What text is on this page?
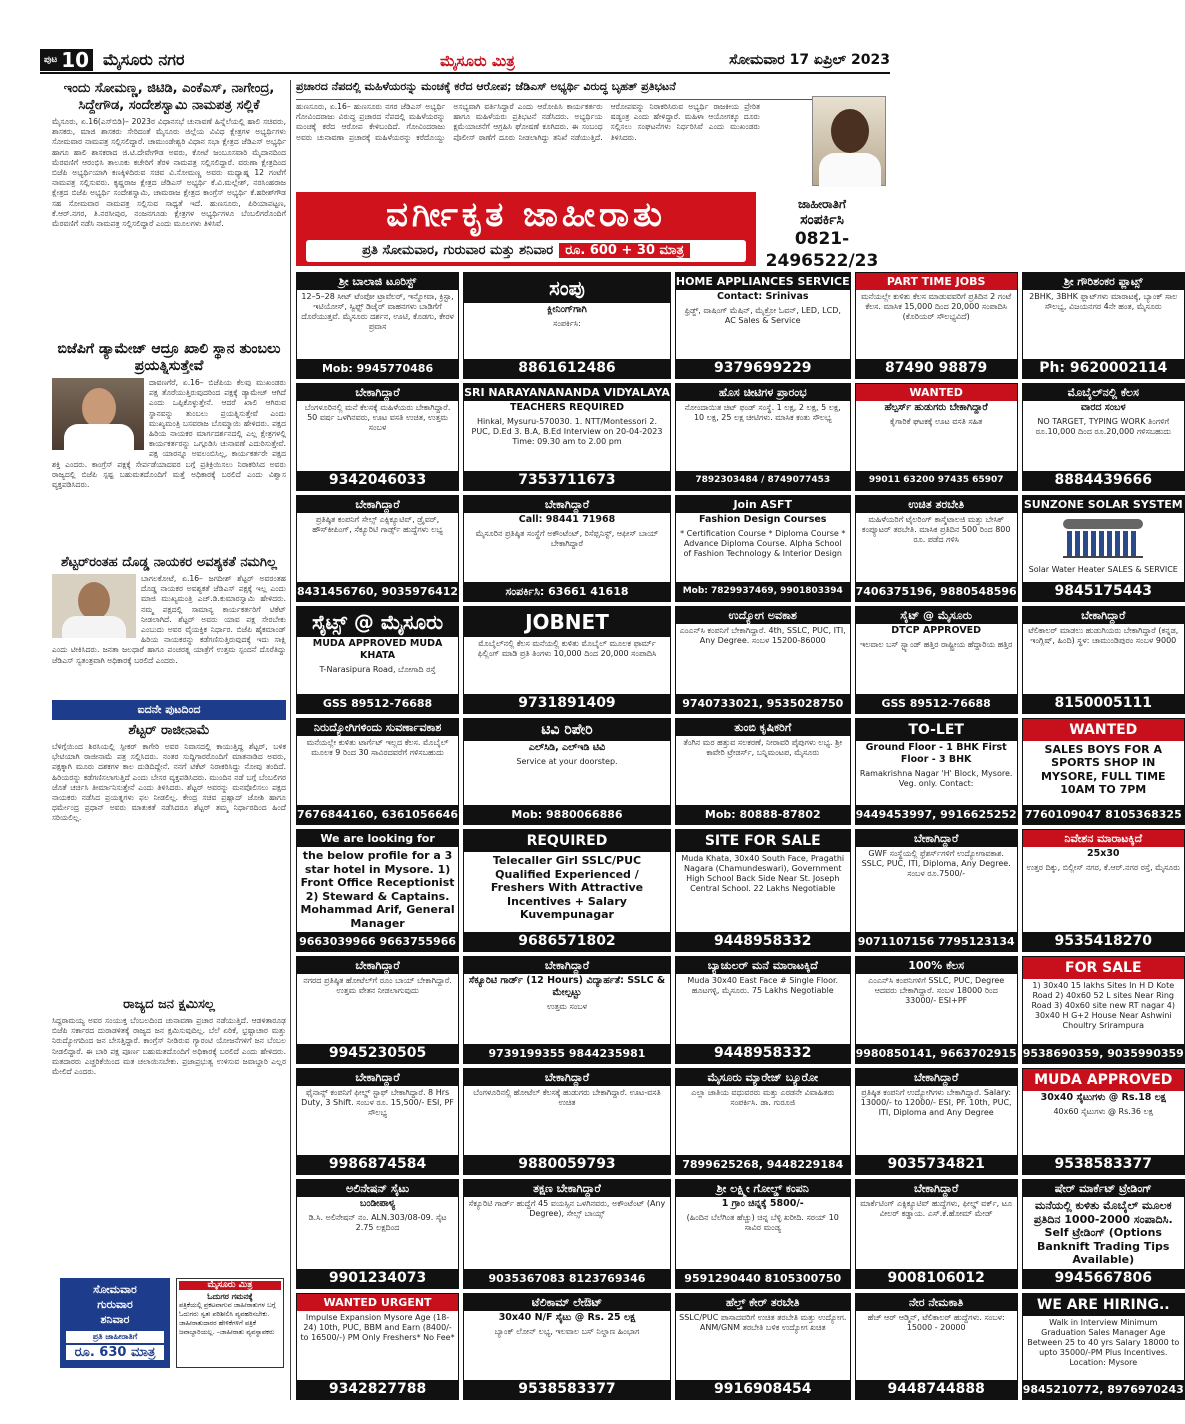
ಪುಟ 10 ಮೈಸೂರು ನಗರ	ಮೈಸೂರು ಮಿತ್ರ	ಸೋಮವಾರ 17 ಏಪ್ರಿಲ್ 2023
ಇಂದು ಸೋಮಣ್ಣ, ಜಿಟಿಡಿ, ಎಂಕೆಎಸ್, ನಾಗೇಂದ್ರ, ಸಿದ್ದೇಗೌಡ, ಸಂದೇಶಸ್ವಾಮಿ ನಾಮಪತ್ರ ಸಲ್ಲಿಕೆ
ಮೈಸೂರು, ಏ.16(ಎಸ್‍ಬಿಡಿ)– 2023ರ ವಿಧಾನಸಭೆ ಚುನಾವಣೆ ಹಿನ್ನೆಲೆಯಲ್ಲಿ ಹಾಲಿ ಸಚಿವರು, ಶಾಸಕರು, ಮಾಜಿ ಶಾಸಕರು ಸೇರಿದಂತೆ ಮೈಸೂರು ಜಿಲ್ಲೆಯ ವಿವಿಧ ಕ್ಷೇತ್ರಗಳ ಅಭ್ಯರ್ಥಿಗಳು ಸೋಮವಾರ ನಾಮಪತ್ರ ಸಲ್ಲಿಸಲಿದ್ದಾರೆ. ಚಾಮುಂಡೇಶ್ವರಿ ವಿಧಾನ ಸಭಾ ಕ್ಷೇತ್ರದ ಜೆಡಿಎಸ್ ಅಭ್ಯರ್ಥಿ ಹಾಗೂ ಹಾಲಿ ಶಾಸಕರಾದ ಜಿ.ಟಿ.ದೇವೇಗೌಡ ಅವರು, ಕೋಟೆ ಜಂಬೂಸವಾರಿ ಮೈದಾನದಿಂದ ಮೆರವಣಿಗೆ ಆರಂಭಿಸಿ ತಾಲೂಕು ಕಚೇರಿಗೆ ತೆರಳಿ ನಾಮಪತ್ರ ಸಲ್ಲಿಸಲಿದ್ದಾರೆ. ವರುಣಾ ಕ್ಷೇತ್ರದಿಂದ ಬಿಜೆಪಿ ಅಭ್ಯರ್ಥಿಯಾಗಿ ಕಣಕ್ಕಿಳಿದಿರುವ ಸಚಿವ ವಿ.ಸೋಮಣ್ಣ ಅವರು ಮಧ್ಯಾಹ್ನ 12 ಗಂಟೆಗೆ ನಾಮಪತ್ರ ಸಲ್ಲಿಸುವರು. ಕೃಷ್ಣರಾಜ ಕ್ಷೇತ್ರದ ಜೆಡಿಎಸ್ ಅಭ್ಯರ್ಥಿ ಕೆ.ವಿ.ಮಲ್ಲೇಶ್, ನರಸಿಂಹರಾಜ ಕ್ಷೇತ್ರದ ಬಿಜೆಪಿ ಅಭ್ಯರ್ಥಿ ಸಂದೇಶಸ್ವಾಮಿ, ಚಾಮರಾಜ ಕ್ಷೇತ್ರದ ಕಾಂಗ್ರೆಸ್ ಅಭ್ಯರ್ಥಿ ಕೆ.ಹರೀಶ್‍ಗೌಡ ಸಹ ಸೋಮವಾರ ನಾಮಪತ್ರ ಸಲ್ಲಿಸುವ ಸಾಧ್ಯತೆ ಇದೆ. ಹುಣಸೂರು, ಪಿರಿಯಾಪಟ್ಟಣ, ಕೆ.ಆರ್.ನಗರ, ತಿ.ನರಸೀಪುರ, ನಂಜನಗೂಡು ಕ್ಷೇತ್ರಗಳ ಅಭ್ಯರ್ಥಿಗಳೂ ಬೆಂಬಲಿಗರೊಂದಿಗೆ ಮೆರವಣಿಗೆ ನಡೆಸಿ ನಾಮಪತ್ರ ಸಲ್ಲಿಸಲಿದ್ದಾರೆ ಎಂದು ಮೂಲಗಳು ತಿಳಿಸಿವೆ.
ಬಿಜೆಪಿಗೆ ಡ್ಯಾಮೇಜ್ ಆದ್ರೂ ಖಾಲಿ ಸ್ಥಾನ ತುಂಬಲು ಪ್ರಯತ್ನಿಸುತ್ತೇವೆ
ದಾವಣಗೆರೆ, ಏ.16– ಬಿಜೆಪಿಯ ಕೆಲವು ಮುಖಂಡರು ಪಕ್ಷ ತೊರೆಯುತ್ತಿರುವುದರಿಂದ ಪಕ್ಷಕ್ಕೆ ಡ್ಯಾಮೇಜ್ ಆಗಿದೆ ಎಂದು ಒಪ್ಪಿಕೊಳ್ಳುತ್ತೇನೆ. ಆದರೆ ಖಾಲಿ ಆಗಿರುವ ಸ್ಥಾನವನ್ನು ತುಂಬಲು ಪ್ರಯತ್ನಿಸುತ್ತೇವೆ ಎಂದು ಮುಖ್ಯಮಂತ್ರಿ ಬಸವರಾಜ ಬೊಮ್ಮಾಯಿ ಹೇಳಿದರು. ಪಕ್ಷದ ಹಿರಿಯ ನಾಯಕರ ಮಾರ್ಗದರ್ಶನದಲ್ಲಿ ಎಲ್ಲ ಕ್ಷೇತ್ರಗಳಲ್ಲಿ ಕಾರ್ಯಕರ್ತರನ್ನು ಒಗ್ಗೂಡಿಸಿ ಚುನಾವಣೆ ಎದುರಿಸುತ್ತೇವೆ. ಪಕ್ಷ ಯಾರನ್ನೂ ಅವಲಂಬಿಸಿಲ್ಲ, ಕಾರ್ಯಕರ್ತರೇ ಪಕ್ಷದ ಶಕ್ತಿ ಎಂದರು. ಕಾಂಗ್ರೆಸ್ ಪಕ್ಷಕ್ಕೆ ಸೇರ್ಪಡೆಯಾದವರ ಬಗ್ಗೆ ಪ್ರತಿಕ್ರಿಯಿಸಲು ನಿರಾಕರಿಸಿದ ಅವರು ರಾಜ್ಯದಲ್ಲಿ ಬಿಜೆಪಿ ಸ್ಪಷ್ಟ ಬಹುಮತದೊಂದಿಗೆ ಮತ್ತೆ ಅಧಿಕಾರಕ್ಕೆ ಬರಲಿದೆ ಎಂದು ವಿಶ್ವಾಸ ವ್ಯಕ್ತಪಡಿಸಿದರು.
ಶೆಟ್ಟರ್‌ರಂತಹ ದೊಡ್ಡ ನಾಯಕರ ಅವಶ್ಯಕತೆ ನಮಗಿಲ್ಲ
ಬಾಗಲಕೋಟೆ, ಏ.16– ಜಗದೀಶ್ ಶೆಟ್ಟರ್ ಅವರಂತಹ ದೊಡ್ಡ ನಾಯಕರ ಅವಶ್ಯಕತೆ ಜೆಡಿಎಸ್ ಪಕ್ಷಕ್ಕೆ ಇಲ್ಲ ಎಂದು ಮಾಜಿ ಮುಖ್ಯಮಂತ್ರಿ ಎಚ್.ಡಿ.ಕುಮಾರಸ್ವಾಮಿ ಹೇಳಿದರು. ನಮ್ಮ ಪಕ್ಷದಲ್ಲಿ ಸಾಮಾನ್ಯ ಕಾರ್ಯಕರ್ತರಿಗೆ ಟಿಕೆಟ್ ನೀಡಲಾಗಿದೆ. ಶೆಟ್ಟರ್ ಅವರು ಯಾವ ಪಕ್ಷ ಸೇರಬೇಕು ಎಂಬುದು ಅವರ ವೈಯಕ್ತಿಕ ನಿರ್ಧಾರ. ಬಿಜೆಪಿ ಹೈಕಮಾಂಡ್ ಹಿರಿಯ ನಾಯಕರನ್ನು ಕಡೆಗಣಿಸುತ್ತಿರುವುದಕ್ಕೆ ಇದು ಸಾಕ್ಷಿ ಎಂದು ಟೀಕಿಸಿದರು. ಜನತಾ ಜಲಧಾರೆ ಹಾಗೂ ಪಂಚರತ್ನ ಯಾತ್ರೆಗೆ ಉತ್ತಮ ಸ್ಪಂದನೆ ದೊರೆತಿದ್ದು ಜೆಡಿಎಸ್ ಸ್ವತಂತ್ರವಾಗಿ ಅಧಿಕಾರಕ್ಕೆ ಬರಲಿದೆ ಎಂದರು.
ಐದನೇ ಪುಟದಿಂದ
ಶೆಟ್ಟರ್ ರಾಜೀನಾಮೆ
ಬೆಳಿಗ್ಗೆಯಿಂದ ಶಿರಸಿಯಲ್ಲಿ ಸ್ಪೀಕರ್ ಕಾಗೇರಿ ಅವರ ನಿವಾಸದಲ್ಲಿ ಕಾಯುತ್ತಿದ್ದ ಶೆಟ್ಟರ್, ಬಳಿಕ ಭೇಟಿಯಾಗಿ ರಾಜೀನಾಮೆ ಪತ್ರ ಸಲ್ಲಿಸಿದರು. ನಂತರ ಸುದ್ದಿಗಾರರೊಂದಿಗೆ ಮಾತನಾಡಿದ ಅವರು, ಪಕ್ಷಕ್ಕಾಗಿ ಮೂರು ದಶಕಗಳ ಕಾಲ ದುಡಿದಿದ್ದೇನೆ. ನನಗೆ ಟಿಕೆಟ್ ನಿರಾಕರಿಸಿದ್ದು ನೋವು ತಂದಿದೆ. ಹಿರಿಯರನ್ನು ಕಡೆಗಣಿಸಲಾಗುತ್ತಿದೆ ಎಂದು ಬೇಸರ ವ್ಯಕ್ತಪಡಿಸಿದರು. ಮುಂದಿನ ನಡೆ ಬಗ್ಗೆ ಬೆಂಬಲಿಗರ ಜೊತೆ ಚರ್ಚಿಸಿ ತೀರ್ಮಾನಿಸುತ್ತೇನೆ ಎಂದು ತಿಳಿಸಿದರು. ಶೆಟ್ಟರ್ ಅವರನ್ನು ಮನವೊಲಿಸಲು ಪಕ್ಷದ ನಾಯಕರು ನಡೆಸಿದ ಪ್ರಯತ್ನಗಳು ಫಲ ನೀಡಲಿಲ್ಲ. ಕೇಂದ್ರ ಸಚಿವ ಪ್ರಹ್ಲಾದ್ ಜೋಶಿ ಹಾಗೂ ಧರ್ಮೇಂದ್ರ ಪ್ರಧಾನ್ ಅವರು ಮಾತುಕತೆ ನಡೆಸಿದರೂ ಶೆಟ್ಟರ್ ತಮ್ಮ ನಿರ್ಧಾರದಿಂದ ಹಿಂದೆ ಸರಿಯಲಿಲ್ಲ.
ರಾಜ್ಯದ ಜನ ಕ್ಷಮಿಸಲ್ಲ
ಸಿದ್ದರಾಮಯ್ಯ ಅವರ ಸಂಯುಕ್ತ ಬೆಂಬಲದಿಂದ ಚುನಾವಣಾ ಪ್ರಚಾರ ನಡೆಯುತ್ತಿದೆ. ಆಡಳಿತಾರೂಢ ಬಿಜೆಪಿ ಸರ್ಕಾರದ ದುರಾಡಳಿತಕ್ಕೆ ರಾಜ್ಯದ ಜನ ಕ್ಷಮಿಸುವುದಿಲ್ಲ. ಬೆಲೆ ಏರಿಕೆ, ಭ್ರಷ್ಟಾಚಾರ ಮತ್ತು ನಿರುದ್ಯೋಗದಿಂದ ಜನ ಬೇಸತ್ತಿದ್ದಾರೆ. ಕಾಂಗ್ರೆಸ್ ನೀಡಿರುವ ಗ್ಯಾರಂಟಿ ಯೋಜನೆಗಳಿಗೆ ಜನ ಬೆಂಬಲ ನೀಡಲಿದ್ದಾರೆ. ಈ ಬಾರಿ ಪಕ್ಷ ಪೂರ್ಣ ಬಹುಮತದೊಂದಿಗೆ ಅಧಿಕಾರಕ್ಕೆ ಬರಲಿದೆ ಎಂದು ಹೇಳಿದರು. ಮತದಾರರು ಎಚ್ಚರಿಕೆಯಿಂದ ಮತ ಚಲಾಯಿಸಬೇಕು. ಪ್ರಜಾಪ್ರಭುತ್ವ ಉಳಿಸುವ ಜವಾಬ್ದಾರಿ ಎಲ್ಲರ ಮೇಲಿದೆ ಎಂದರು.
ಸೋಮವಾರ
ಗುರುವಾರ
ಶನಿವಾರ
ಪ್ರತಿ ಜಾಹೀರಾತಿಗೆ
ರೂ. 630 ಮಾತ್ರ
ಮೈಸೂರು ಮಿತ್ರ
ಓದುಗರ ಗಮನಕ್ಕೆ
ಪತ್ರಿಕೆಯಲ್ಲಿ ಪ್ರಕಟವಾಗುವ ಜಾಹೀರಾತುಗಳ ಬಗ್ಗೆ ಓದುಗರು ಸ್ವತಃ ಪರಿಶೀಲಿಸಿ ವ್ಯವಹರಿಸಬೇಕು. ಜಾಹೀರಾತುದಾರರ ಹೇಳಿಕೆಗಳಿಗೆ ಪತ್ರಿಕೆ ಜವಾಬ್ದಾರಿಯಲ್ಲ. –ಜಾಹೀರಾತು ವ್ಯವಸ್ಥಾಪಕರು
ಪ್ರಚಾರದ ನೆಪದಲ್ಲಿ ಮಹಿಳೆಯರನ್ನು ಮಂಚಕ್ಕೆ ಕರೆದ ಆರೋಪ; ಜೆಡಿಎಸ್ ಅಭ್ಯರ್ಥಿ ವಿರುದ್ಧ ಬೃಹತ್ ಪ್ರತಿಭಟನೆ
ಹುಣಸೂರು, ಏ.16– ಹುಣಸೂರು ನಗರ ಜೆಡಿಎಸ್ ಅಭ್ಯರ್ಥಿ ಗೋವಿಂದರಾಜು ವಿರುದ್ಧ ಪ್ರಚಾರದ ನೆಪದಲ್ಲಿ ಮಹಿಳೆಯರನ್ನು ಮಂಚಕ್ಕೆ ಕರೆದ ಆರೋಪ ಕೇಳಿಬಂದಿದೆ. ಗೋವಿಂದರಾಜು ಅವರು ಚುನಾವಣಾ ಪ್ರಚಾರಕ್ಕೆ ಮಹಿಳೆಯರನ್ನು ಕರೆದೊಯ್ದು ಅಸಭ್ಯವಾಗಿ ವರ್ತಿಸಿದ್ದಾರೆ ಎಂದು ಆರೋಪಿಸಿ ಕಾರ್ಯಕರ್ತರು ಹಾಗೂ ಮಹಿಳೆಯರು ಪ್ರತಿಭಟನೆ ನಡೆಸಿದರು. ಅಭ್ಯರ್ಥಿಯ ಕ್ಷಮೆಯಾಚನೆಗೆ ಆಗ್ರಹಿಸಿ ಘೋಷಣೆ ಕೂಗಿದರು. ಈ ಸಂಬಂಧ ಪೊಲೀಸ್ ಠಾಣೆಗೆ ದೂರು ನೀಡಲಾಗಿದ್ದು ತನಿಖೆ ನಡೆಯುತ್ತಿದೆ. ಆರೋಪವನ್ನು ನಿರಾಕರಿಸಿರುವ ಅಭ್ಯರ್ಥಿ ರಾಜಕೀಯ ಪ್ರೇರಿತ ಷಡ್ಯಂತ್ರ ಎಂದು ಹೇಳಿದ್ದಾರೆ. ಮಹಿಳಾ ಆಯೋಗಕ್ಕೂ ದೂರು ಸಲ್ಲಿಸಲು ಸಂಘಟನೆಗಳು ನಿರ್ಧರಿಸಿವೆ ಎಂದು ಮುಖಂಡರು ತಿಳಿಸಿದರು.
ವರ್ಗೀಕೃತ ಜಾಹೀರಾತು
ಪ್ರತಿ ಸೋಮವಾರ, ಗುರುವಾರ ಮತ್ತು ಶನಿವಾರ ರೂ. 600 + 30 ಮಾತ್ರ
ಜಾಹೀರಾತಿಗೆ
ಸಂಪರ್ಕಿಸಿ
0821-2496522/23
ಶ್ರೀ ಬಾಲಾಜಿ ಟೂರಿಸ್ಟ್
12–5–28 ಸೀಟ್ ಟೆಂಪೋ ಟ್ರಾವೆಲರ್, ಇನ್ನೋವಾ, ಕ್ರಿಸ್ಟಾ, ಇಟಿಯೋಸ್, ಸ್ವಿಫ್ಟ್ ಡಿಜೈರ್ ವಾಹನಗಳು ಬಾಡಿಗೆಗೆ ದೊರೆಯುತ್ತವೆ. ಮೈಸೂರು ದರ್ಶನ, ಊಟಿ, ಕೊಡಗು, ಕೇರಳ ಪ್ರವಾಸ
Mob: 9945770486
ಸಂಪು
ಕ್ಲೀನಿಂಗ್‌ಗಾಗಿ
ಸಂಪರ್ಕಿಸಿ:
8861612486
HOME APPLIANCES SERVICE
Contact: Srinivas
ಫ್ರಿಡ್ಜ್, ವಾಷಿಂಗ್ ಮೆಷಿನ್, ಮೈಕ್ರೋ ಓವನ್, LED, LCD, AC Sales & Service
9379699229
PART TIME JOBS
ಮನೆಯಲ್ಲೇ ಕುಳಿತು ಕೆಲಸ ಮಾಡುವವರಿಗೆ ಪ್ರತಿದಿನ 2 ಗಂಟೆ ಕೆಲಸ. ಮಾಸಿಕ 15,000 ದಿಂದ 20,000 ಸಂಪಾದಿಸಿ (ಕೊರಿಯರ್ ಸೌಲಭ್ಯವಿದೆ)
87490 98879
ಶ್ರೀ ಗೌರಿಶಂಕರ ಫ್ಲಾಟ್ಸ್
2BHK, 3BHK ಫ್ಲಾಟ್‌ಗಳು ಮಾರಾಟಕ್ಕೆ, ಬ್ಯಾಂಕ್ ಸಾಲ ಸೌಲಭ್ಯ, ವಿಜಯನಗರ 4ನೇ ಹಂತ, ಮೈಸೂರು
Ph: 9620002114
ಬೇಕಾಗಿದ್ದಾರೆ
ಬೆಂಗಳೂರಿನಲ್ಲಿ ಮನೆ ಕೆಲಸಕ್ಕೆ ಮಹಿಳೆಯರು ಬೇಕಾಗಿದ್ದಾರೆ. 50 ವರ್ಷ ಒಳಗಿನವರು, ಊಟ ವಸತಿ ಉಚಿತ, ಉತ್ತಮ ಸಂಬಳ
9342046033
SRI NARAYANANANDA VIDYALAYA
TEACHERS REQUIRED
Hinkal, Mysuru-570030. 1. NTT/Montessori 2. PUC, D.Ed 3. B.A, B.Ed Interview on 20-04-2023 Time: 09.30 am to 2.00 pm
7353711673
ಹೊಸ ಚೀಟಿಗಳ ಪ್ರಾರಂಭ
ನೋಂದಾಯಿತ ಚಿಟ್ ಫಂಡ್ ಸಂಸ್ಥೆ. 1 ಲಕ್ಷ, 2 ಲಕ್ಷ, 5 ಲಕ್ಷ, 10 ಲಕ್ಷ, 25 ಲಕ್ಷ ಚೀಟಿಗಳು. ಮಾಸಿಕ ಕಂತು ಸೌಲಭ್ಯ
7892303484 / 8749077453
WANTED
ಹೆಲ್ಪರ್ಸ್ ಹುಡುಗರು ಬೇಕಾಗಿದ್ದಾರೆ
ಕೈಗಾರಿಕೆ ಘಟಕಕ್ಕೆ ಊಟ ವಸತಿ ಸಹಿತ
99011 63200 97435 65907
ಮೊಬೈಲ್‌ನಲ್ಲಿ ಕೆಲಸ
ವಾರದ ಸಂಬಳ
NO TARGET, TYPING WORK ತಿಂಗಳಿಗೆ ರೂ.10,000 ದಿಂದ ರೂ.20,000 ಗಳಿಸಬಹುದು
8884439666
ಬೇಕಾಗಿದ್ದಾರೆ
ಪ್ರತಿಷ್ಠಿತ ಕಂಪನಿಗೆ ಸೇಲ್ಸ್ ಎಕ್ಸಿಕ್ಯೂಟಿವ್, ಡ್ರೈವರ್, ಹೌಸ್‌ಕೀಪಿಂಗ್, ಸೆಕ್ಯೂರಿಟಿ ಗಾರ್ಡ್ಸ್ ಹುದ್ದೆಗಳು ಲಭ್ಯ
8431456760, 9035976412
ಬೇಕಾಗಿದ್ದಾರೆ
Call: 98441 71968
ಮೈಸೂರಿನ ಪ್ರತಿಷ್ಠಿತ ಸಂಸ್ಥೆಗೆ ಅಕೌಂಟೆಂಟ್, ರಿಸೆಪ್ಷನಿಸ್ಟ್, ಆಫೀಸ್ ಬಾಯ್ ಬೇಕಾಗಿದ್ದಾರೆ
ಸಂಪರ್ಕಿಸಿ: 63661 41618
Join ASFT
Fashion Design Courses
* Certification Course * Diploma Course * Advance Diploma Course. Alpha School of Fashion Technology & Interior Design
Mob: 7829937469, 9901803394
ಉಚಿತ ತರಬೇತಿ
ಮಹಿಳೆಯರಿಗೆ ಟೈಲರಿಂಗ್ ಕಾಸ್ಮೆಟಾಲಜಿ ಮತ್ತು ಬೇಸಿಕ್ ಕಂಪ್ಯೂಟರ್ ತರಬೇತಿ. ಮಾಸಿಕ ಪ್ರತಿದಿನ 500 ರಿಂದ 800 ರೂ. ಪಡೆದ ಗಳಿಸಿ
7406375196, 9880548596
SUNZONE SOLAR SYSTEM
Solar Water Heater SALES & SERVICE
9845175443
ಸೈಟ್ಸ್ @ ಮೈಸೂರು
MUDA APPROVED MUDA KHATA
T-Narasipura Road, ಬೋಗಾದಿ ರಸ್ತೆ
GSS 89512-76688
JOBNET
ಮೊಬೈಲ್‌ನಲ್ಲಿ ಕೆಲಸ ಮನೆಯಲ್ಲಿ ಕುಳಿತು ಮೊಬೈಲ್ ಮೂಲಕ ಫಾರ್ಮ್ ಫಿಲ್ಲಿಂಗ್ ಮಾಡಿ ಪ್ರತಿ ತಿಂಗಳು 10,000 ದಿಂದ 20,000 ಸಂಪಾದಿಸಿ
9731891409
ಉದ್ಯೋಗ ಅವಕಾಶ
ಎಂಎನ್‌ಸಿ ಕಂಪನಿಗೆ ಬೇಕಾಗಿದ್ದಾರೆ. 4th, SSLC, PUC, ITI, Any Degree. ಸಂಬಳ 15200-86000
9740733021, 9535028750
ಸೈಟ್ @ ಮೈಸೂರು
DTCP APPROVED
ಇಲವಾಲ ಬಸ್ ಸ್ಟ್ಯಾಂಡ್ ಹತ್ತಿರ ರಾಷ್ಟ್ರೀಯ ಹೆದ್ದಾರಿಯ ಹತ್ತಿರ
GSS 89512-76688
ಬೇಕಾಗಿದ್ದಾರೆ
ಟೆಲಿಕಾಲರ್ ಮಾಡಲು ಹುಡುಗಿಯರು ಬೇಕಾಗಿದ್ದಾರೆ (ಕನ್ನಡ, ಇಂಗ್ಲಿಷ್, ಹಿಂದಿ) ಸ್ಥಳ: ಚಾಮುಂಡಿಪುರಂ ಸಂಬಳ 9000
8150005111
ನಿರುದ್ಯೋಗಿಗಳಿಂದು ಸುವರ್ಣಾವಕಾಶ
ಮನೆಯಲ್ಲೇ ಕುಳಿತು ಟಾರ್ಗೆಟ್ ಇಲ್ಲದ ಕೆಲಸ. ಮೊಬೈಲ್ ಮೂಲಕ 9 ರಿಂದ 30 ಸಾವಿರದವರೆಗೆ ಗಳಿಸಬಹುದು
7676844160, 6361056646
ಟಿವಿ ರಿಪೇರಿ
ಎಲ್‌ಸಿಡಿ, ಎಲ್‌ಇಡಿ ಟಿವಿ
Service at your doorstep.
Mob: 9880066886
ತುಂಬಿ ಕೃಷಿಕರಿಗೆ
ತೆಂಗಿನ ಮರ ಹತ್ತುವ ಸಲಕರಣೆ, ನೀರಾವರಿ ಪೈಪುಗಳು ಲಭ್ಯ. ಶ್ರೀ ಕಾವೇರಿ ಟ್ರೇಡರ್ಸ್, ಬನ್ನಿಮಂಟಪ, ಮೈಸೂರು
Mob: 80888-87802
TO-LET
Ground Floor - 1 BHK First Floor - 3 BHK
Ramakrishna Nagar 'H' Block, Mysore. Veg. only. Contact:
9449453997, 9916625252
WANTED
SALES BOYS FOR A SPORTS SHOP IN MYSORE, FULL TIME 10AM TO 7PM
7760109047 8105368325
We are looking for
the below profile for a 3 star hotel in Mysore. 1) Front Office Receptionist 2) Steward & Captains. Mohammad Arif, General Manager
9663039966 9663755966
REQUIRED
Telecaller Girl SSLC/PUC Qualified Experienced / Freshers With Attractive Incentives + Salary Kuvempunagar
9686571802
SITE FOR SALE
Muda Khata, 30x40 South Face, Pragathi Nagara (Chamundeswari), Government High School Back Side Near St. Joseph Central School. 22 Lakhs Negotiable
9448958332
ಬೇಕಾಗಿದ್ದಾರೆ
GWF ಸಂಸ್ಥೆಯಲ್ಲಿ ಫ್ರೆಶರ್ಸ್‌ಗಳಿಗೆ ಉದ್ಯೋಗಾವಕಾಶ. SSLC, PUC, ITI, Diploma, Any Degree. ಸಂಬಳ ರೂ.7500/-
9071107156 7795123134
ನಿವೇಶನ ಮಾರಾಟಕ್ಕಿದೆ
25x30
ಉತ್ತರ ದಿಕ್ಕು, ಬಿಲ್ಲೀಸ್ ನಗರ, ಕೆ.ಆರ್.ನಗರ ರಸ್ತೆ, ಮೈಸೂರು
9535418270
ಬೇಕಾಗಿದ್ದಾರೆ
ನಗರದ ಪ್ರತಿಷ್ಠಿತ ಹೋಟೆಲ್‌ಗೆ ರೂಂ ಬಾಯ್ ಬೇಕಾಗಿದ್ದಾರೆ. ಉತ್ತಮ ವೇತನ ನೀಡಲಾಗುವುದು
9945230505
ಬೇಕಾಗಿದ್ದಾರೆ
ಸೆಕ್ಯೂರಿಟಿ ಗಾರ್ಡ್ (12 Hours) ವಿದ್ಯಾರ್ಹತೆ: SSLC & ಮೇಲ್ಪಟ್ಟು
ಉತ್ತಮ ಸಂಬಳ
9739199355 9844235981
ಬ್ಯಾಚುಲರ್ ಮನೆ ಮಾರಾಟಕ್ಕಿದೆ
Muda 30x40 East Face # Single Floor. ಹೂಟಗಳ್ಳಿ, ಮೈಸೂರು. 75 Lakhs Negotiable
9448958332
100% ಕೆಲಸ
ಎಂಎನ್‌ಸಿ ಕಂಪನಿಗಳಿಗೆ SSLC, PUC, Degree ಆದವರು ಬೇಕಾಗಿದ್ದಾರೆ. ಸಂಬಳ 18000 ರಿಂದ 33000/- ESI+PF
9980850141, 9663702915
FOR SALE
1) 30x40 15 lakhs Sites In H D Kote Road 2) 40x60 52 L sites Near Ring Road 3) 40x60 site new RT nagar 4) 30x40 H G+2 House Near Ashwini Choultry Srirampura
9538690359, 9035990359
ಬೇಕಾಗಿದ್ದಾರೆ
ಫೈನಾನ್ಸ್ ಕಂಪನಿಗೆ ಫೀಲ್ಡ್ ಸ್ಟಾಫ್ ಬೇಕಾಗಿದ್ದಾರೆ. 8 Hrs Duty, 3 Shift. ಸಂಬಳ ರೂ. 15,500/- ESI, PF ಸೌಲಭ್ಯ
9986874584
ಬೇಕಾಗಿದ್ದಾರೆ
ಬೆಂಗಳೂರಿನಲ್ಲಿ ಹೋಟೆಲ್ ಕೆಲಸಕ್ಕೆ ಹುಡುಗರು ಬೇಕಾಗಿದ್ದಾರೆ. ಊಟ-ವಸತಿ ಉಚಿತ
9880059793
ಮೈಸೂರು ಮ್ಯಾರೇಜ್ ಬ್ಯೂರೋ
ಎಲ್ಲಾ ಜಾತಿಯ ವಧುವರರು ಮತ್ತು ಎರಡನೇ ವಿವಾಹಿತರು ಸಂಪರ್ಕಿಸಿ. ಡಾ. ಗುರೂಜಿ
7899625268, 9448229184
ಬೇಕಾಗಿದ್ದಾರೆ
ಪ್ರತಿಷ್ಠಿತ ಕಂಪನಿಗೆ ಉದ್ಯೋಗಿಗಳು ಬೇಕಾಗಿದ್ದಾರೆ. Salary: 13000/- to 12000/- ESI, PF. 10th, PUC, ITI, Diploma and Any Degree
9035734821
MUDA APPROVED
30x40 ಸೈಟುಗಳು @ Rs.18 ಲಕ್ಷ
40x60 ಸೈಟುಗಳು @ Rs.36 ಲಕ್ಷ
9538583377
ಅಲಿನೇಷನ್ ಸೈಟು
ಬಂಡೀಪಾಳ್ಯ
ಡಿ.ಸಿ. ಅಲಿನೇಷನ್ ನಂ. ALN.303/08-09. ಸೈಟ 2.75 ಲಕ್ಷದಿಂದ
9901234073
ತಕ್ಷಣ ಬೇಕಾಗಿದ್ದಾರೆ
ಸೆಕ್ಯೂರಿಟಿ ಗಾರ್ಡ್ ಹುದ್ದೆಗೆ 45 ವಯಸ್ಸಿನ ಒಳಗಿನವರು, ಅಕೌಂಟೆಂಟ್ (Any Degree), ಸೇಲ್ಸ್ ಬಾಯ್ಸ್
9035367083 8123769346
ಶ್ರೀ ಲಕ್ಷ್ಮೀ ಗೋಲ್ಡ್ ಕಂಪನಿ
1 ಗ್ರಾಂ ಚಿನ್ನಕ್ಕೆ 5800/-
(ಹಿಂದಿನ ಬೆಲೆಗಿಂತ ಹೆಚ್ಚು) ಚಿನ್ನ ಬೆಳ್ಳಿ ಖರೀದಿ. ಸರಯ್ 10 ಸಾವಿರ ಮಂಡ್ಯ
9591290440 8105300750
ಬೇಕಾಗಿದ್ದಾರೆ
ಮಾರ್ಕೆಟಿಂಗ್ ಎಕ್ಸಿಕ್ಯೂಟಿವ್ ಹುದ್ದೆಗಳು, ಫೀಲ್ಡ್ ವರ್ಕ್, ಟೂ ವೀಲರ್ ಕಡ್ಡಾಯ. ಎಸ್.ಕೆ.ಹೋಮ್ ಮೇಡ್
9008106012
ಷೇರ್ ಮಾರ್ಕೆಟ್ ಟ್ರೇಡಿಂಗ್
ಮನೆಯಲ್ಲಿ ಕುಳಿತು ಮೊಬೈಲ್ ಮೂಲಕ ಪ್ರತಿದಿನ 1000-2000 ಸಂಪಾದಿಸಿ. Self ಟ್ರೇಡಿಂಗ್ (Options Banknift Trading Tips Available)
9945667806
WANTED URGENT
Impulse Expansion Mysore Age (18-24) 10th, PUC, BBM and Earn (8400/- to 16500/-) PM Only Freshers* No Fee*
9342827788
ಟೆಲಿಕಾಮ್ ಲೇಔಟ್
30x40 N/F ಸೈಟು @ Rs. 25 ಲಕ್ಷ
ಬ್ಯಾಂಕ್ ಲೋನ್ ಲಭ್ಯ, ಇಲವಾಲ ಬಸ್ ನಿಲ್ದಾಣ ಹಿಂಭಾಗ
9538583377
ಹೆಲ್ತ್ ಕೇರ್ ತರಬೇತಿ
SSLC/PUC ಪಾಸಾದವರಿಗೆ ಉಚಿತ ತರಬೇತಿ ಮತ್ತು ಉದ್ಯೋಗ. ANM/GNM ತರಬೇತಿ ಬಳಿಕ ಉದ್ಯೋಗ ಖಚಿತ
9916908454
ನೇರ ನೇಮಕಾತಿ
ಹೆಚ್ ಆರ್ ಆಡ್ಮಿನ್, ಟೆಲಿಕಾಲರ್ ಹುದ್ದೆಗಳು. ಸಂಬಳ: 15000 - 20000
9448744888
WE ARE HIRING..
Walk in Interview Minimum Graduation Sales Manager Age Between 25 to 40 yrs Salary 18000 to upto 35000/-PM Plus Incentives. Location: Mysore
9845210772, 8976970243
